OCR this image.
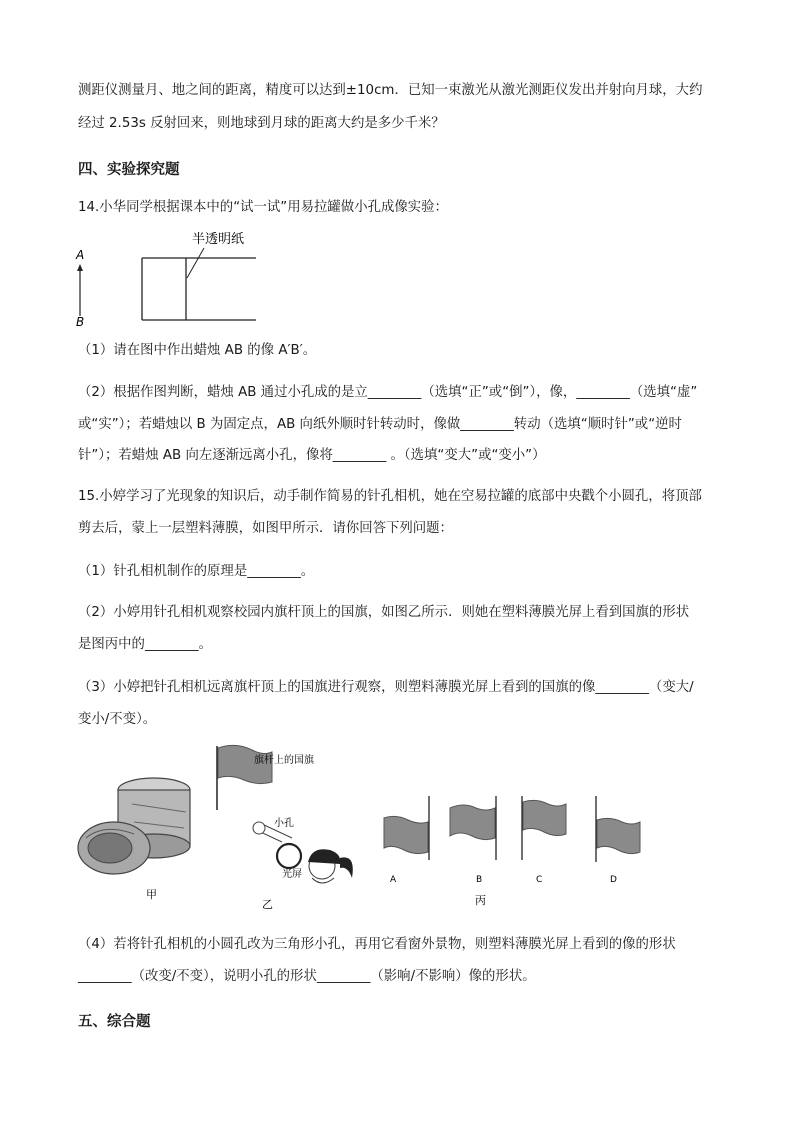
测距仪测量月、地之间的距离，精度可以达到±10cm．已知一束激光从激光测距仪发出并射向月球，大约

经过 2.53s 反射回来，则地球到月球的距离大约是多少千米？

四、实验探究题

14.小华同学根据课本中的“试一试”用易拉罐做小孔成像实验：

A
B
半透明纸

（1）请在图中作出蜡烛 AB 的像 A′B′。

（2）根据作图判断，蜡烛 AB 通过小孔成的是立________（选填“正”或“倒”），像，________（选填“虚”

或“实”）；若蜡烛以 B 为固定点，AB 向纸外顺时针转动时，像做________转动（选填“顺时针”或“逆时

针”）；若蜡烛 AB 向左逐渐远离小孔，像将________ 。（选填“变大”或“变小”）

15.小婷学习了光现象的知识后，动手制作简易的针孔相机，她在空易拉罐的底部中央戳个小圆孔，将顶部

剪去后，蒙上一层塑料薄膜，如图甲所示．请你回答下列问题：

（1）针孔相机制作的原理是________。

（2）小婷用针孔相机观察校园内旗杆顶上的国旗，如图乙所示．则她在塑料薄膜光屏上看到国旗的形状

是图丙中的________。

（3）小婷把针孔相机远离旗杆顶上的国旗进行观察，则塑料薄膜光屏上看到的国旗的像________（变大/

变小/不变）。

甲
旗杆上的国旗
小孔
光屏
乙
A	B	C	D
丙

（4）若将针孔相机的小圆孔改为三角形小孔，再用它看窗外景物，则塑料薄膜光屏上看到的像的形状

________（改变/不变），说明小孔的形状________（影响/不影响）像的形状。

五、综合题
